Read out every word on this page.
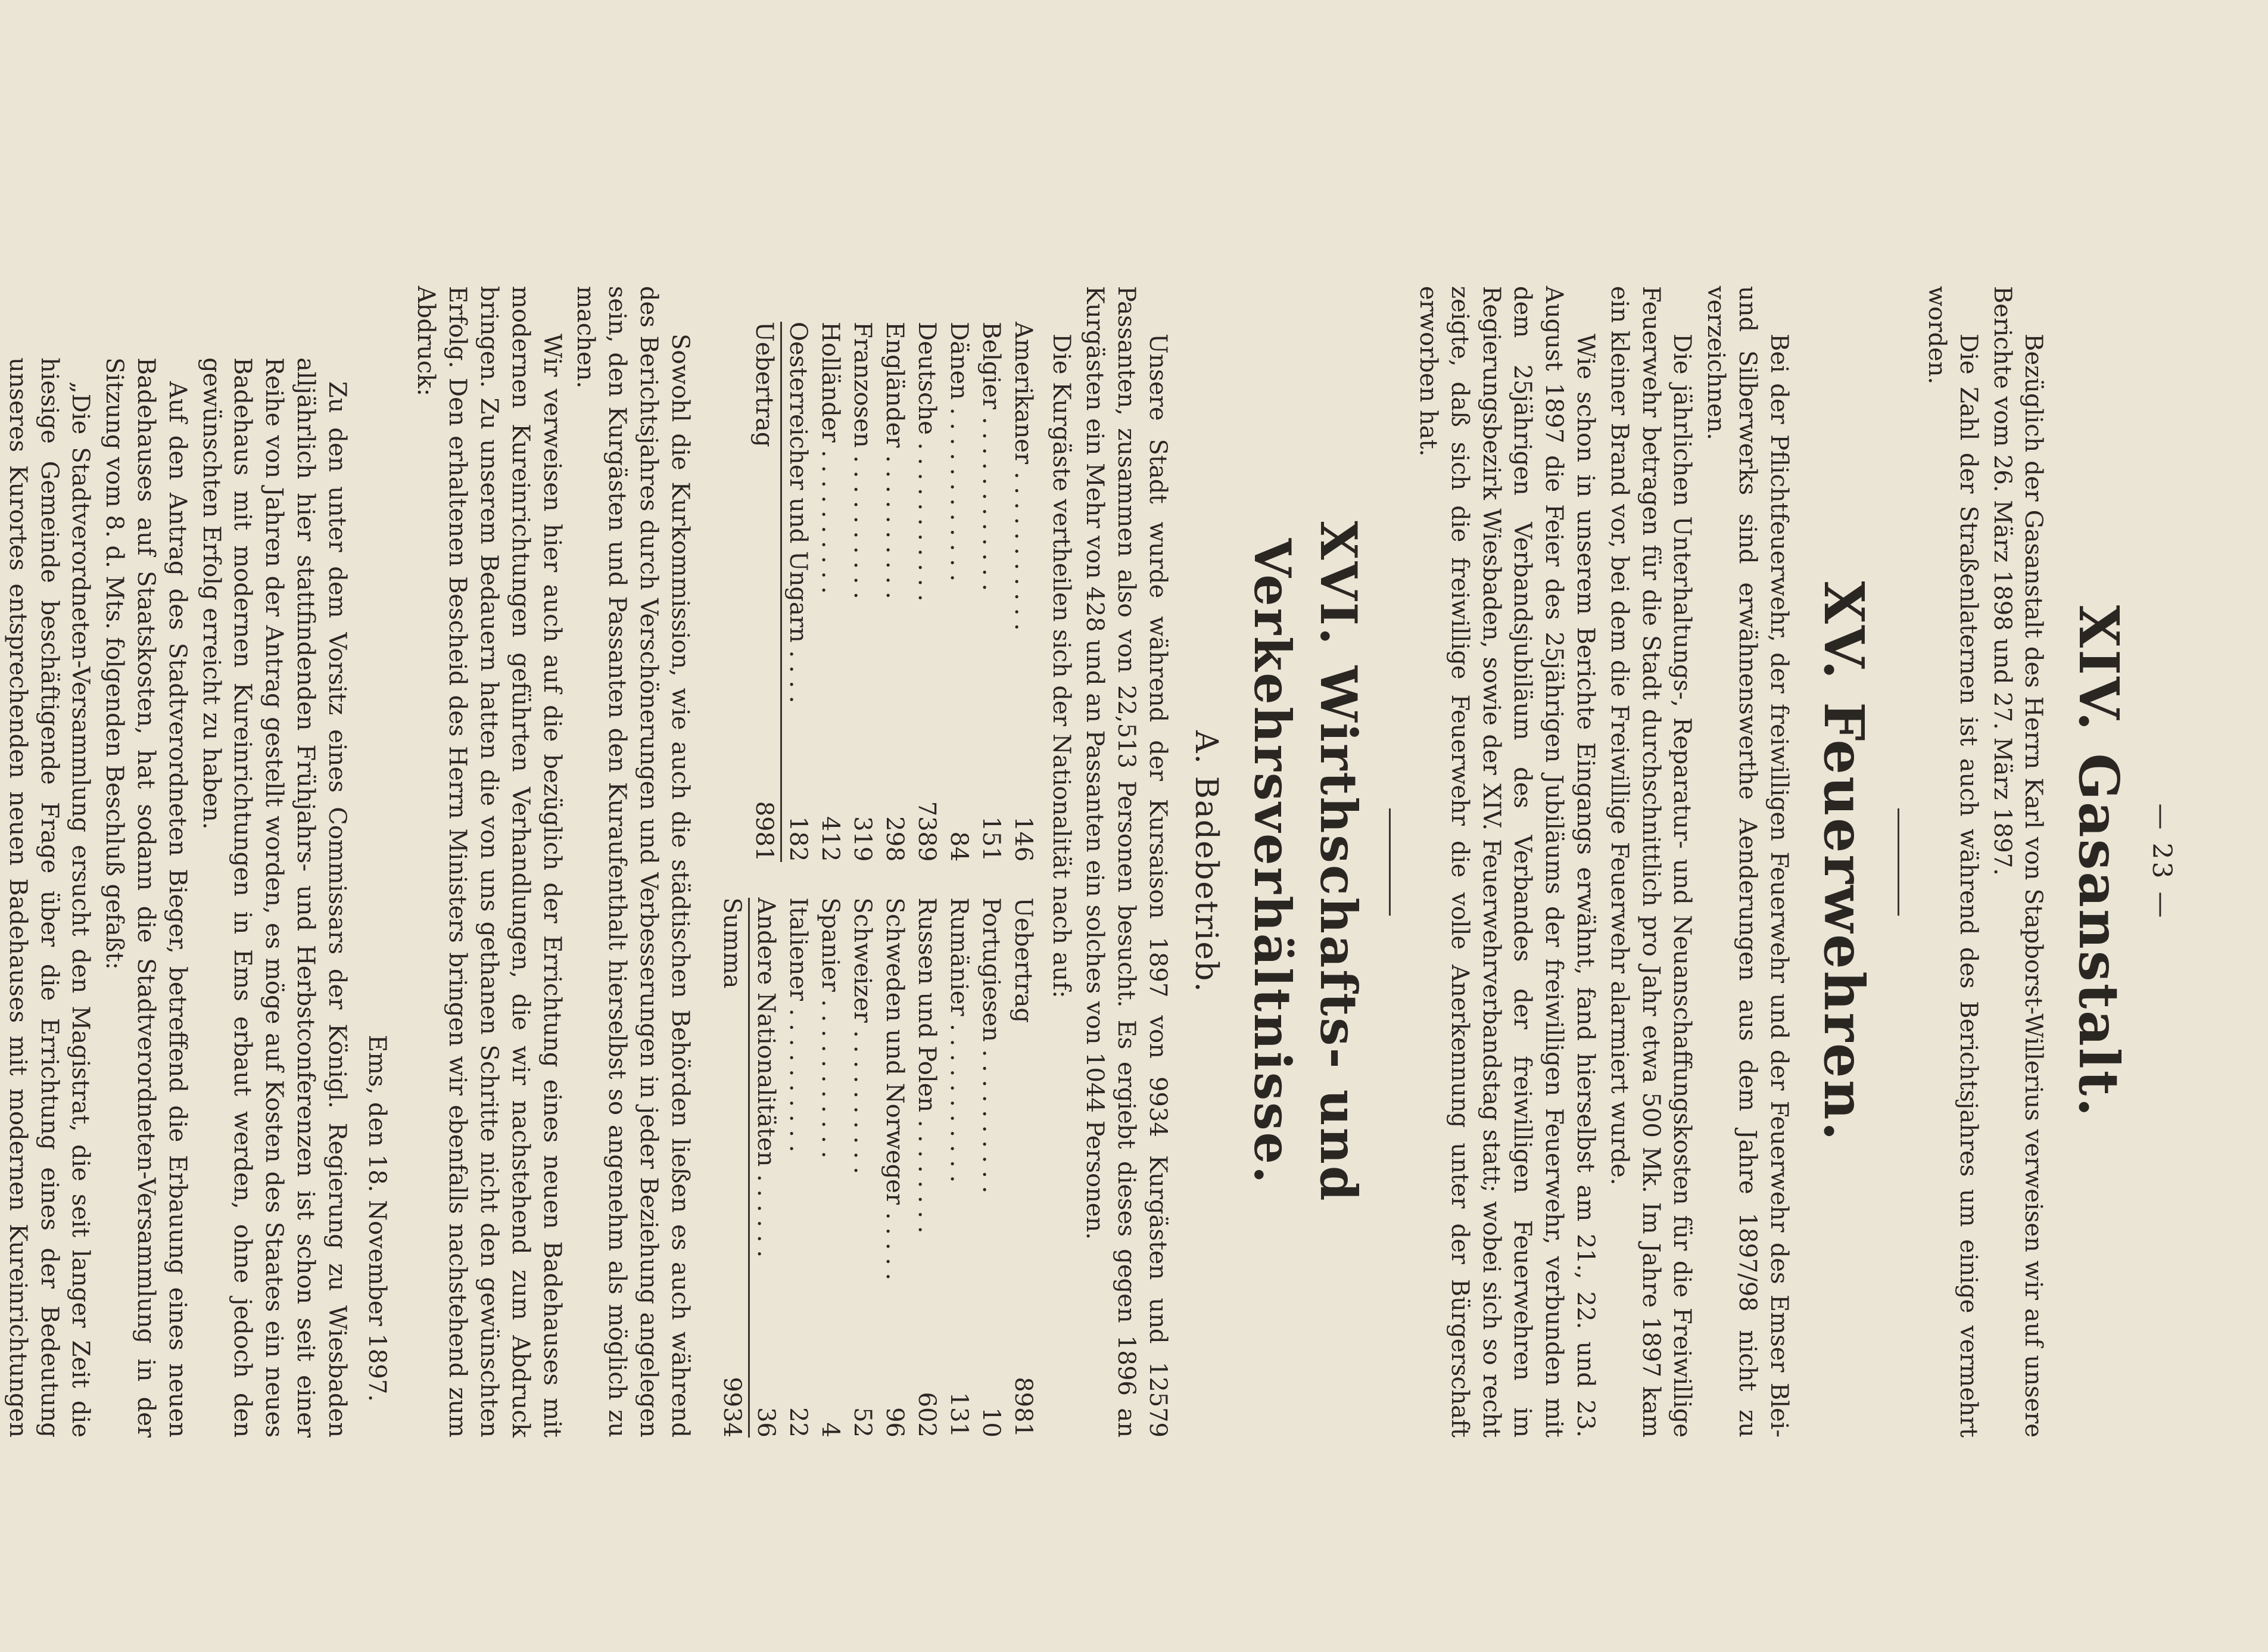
— 23 —
XIV. Gasanstalt.

Bezüglich der Gasanstalt des Herrn Karl von Stapborst-Willerius verweisen wir auf unsere Berichte vom 26. März 1898 und 27. März 1897.

Die Zahl der Straßenlaternen ist auch während des Berichtsjahres um einige vermehrt worden.

XV. Feuerwehren.

Bei der Pflichtfeuerwehr, der freiwilligen Feuerwehr und der Feuerwehr des Emser Blei- und Silberwerks sind erwähnenswerthe Aenderungen aus dem Jahre 1897/98 nicht zu verzeichnen.

Die jährlichen Unterhaltungs-, Reparatur- und Neuanschaffungskosten für die Freiwillige Feuerwehr betragen für die Stadt durchschnittlich pro Jahr etwa 500 Mk. Im Jahre 1897 kam ein kleiner Brand vor, bei dem die Freiwillige Feuerwehr alarmiert wurde.

Wie schon in unserem Berichte Eingangs erwähnt, fand hierselbst am 21., 22. und 23. August 1897 die Feier des 25jährigen Jubiläums der freiwilligen Feuerwehr, verbunden mit dem 25jährigen Verbandsjubiläum des Verbandes der freiwilligen Feuerwehren im Regierungsbezirk Wiesbaden, sowie der XIV. Feuerwehrverbandstag statt; wobei sich so recht zeigte, daß sich die freiwillige Feuerwehr die volle Anerkennung unter der Bürgerschaft erworben hat.

XVI. Wirthschafts- und Verkehrsverhältnisse.
A. Badebetrieb.

Unsere Stadt wurde während der Kursaison 1897 von 9934 Kurgästen und 12579 Passanten, zusammen also von 22,513 Personen besucht. Es ergiebt dieses gegen 1896 an Kurgästen ein Mehr von 428 und an Passanten ein solches von 1044 Personen.

Die Kurgäste vertheilen sich der Nationalität nach auf:

Amerikaner . . . . . . . . . . .
146
Belgier . . . . . . . . . . . .
151
Dänen . . . . . . . . . . . .
84
Deutsche . . . . . . . . . . .
7389
Engländer . . . . . . . . . .
298
Franzosen . . . . . . . . . .
319
Holländer . . . . . . . . . .
412
Oesterreicher und Ungarn . . . .
182
Uebertrag
8981
Uebertrag
8981
Portugiesen . . . . . . . . . .
10
Rumänier . . . . . . . . . . .
131
Russen und Polen . . . . . . . .
602
Schweden und Norweger . . . . .
96
Schweizer . . . . . . . . . .
52
Spanier . . . . . . . . . . .
4
Italiener . . . . . . . . . .
22
Andere Nationalitäten . . . . . .
36
Summa
9934

Sowohl die Kurkommission, wie auch die städtischen Behörden ließen es auch während des Berichtsjahres durch Verschönerungen und Verbesserungen in jeder Beziehung angelegen sein, den Kurgästen und Passanten den Kuraufenthalt hierselbst so angenehm als möglich zu machen.

Wir verweisen hier auch auf die bezüglich der Errichtung eines neuen Badehauses mit modernen Kureinrichtungen geführten Verhandlungen, die wir nachstehend zum Abdruck bringen. Zu unserem Bedauern hatten die von uns gethanen Schritte nicht den gewünschten Erfolg. Den erhaltenen Bescheid des Herrn Ministers bringen wir ebenfalls nachstehend zum Abdruck:

Ems, den 18. November 1897.

Zu den unter dem Vorsitz eines Commissars der Königl. Regierung zu Wiesbaden alljährlich hier stattfindenden Frühjahrs- und Herbstconferenzen ist schon seit einer Reihe von Jahren der Antrag gestellt worden, es möge auf Kosten des Staates ein neues Badehaus mit modernen Kureinrichtungen in Ems erbaut werden, ohne jedoch den gewünschten Erfolg erreicht zu haben.

Auf den Antrag des Stadtverordneten Bieger, betreffend die Erbauung eines neuen Badehauses auf Staatskosten, hat sodann die Stadtverordneten-Versammlung in der Sitzung vom 8. d. Mts. folgenden Beschluß gefaßt:

„Die Stadtverordneten-Versammlung ersucht den Magistrat, die seit langer Zeit die hiesige Gemeinde beschäftigende Frage über die Errichtung eines der Bedeutung unseres Kurortes entsprechenden neuen Badehauses mit modernen Kureinrichtungen
